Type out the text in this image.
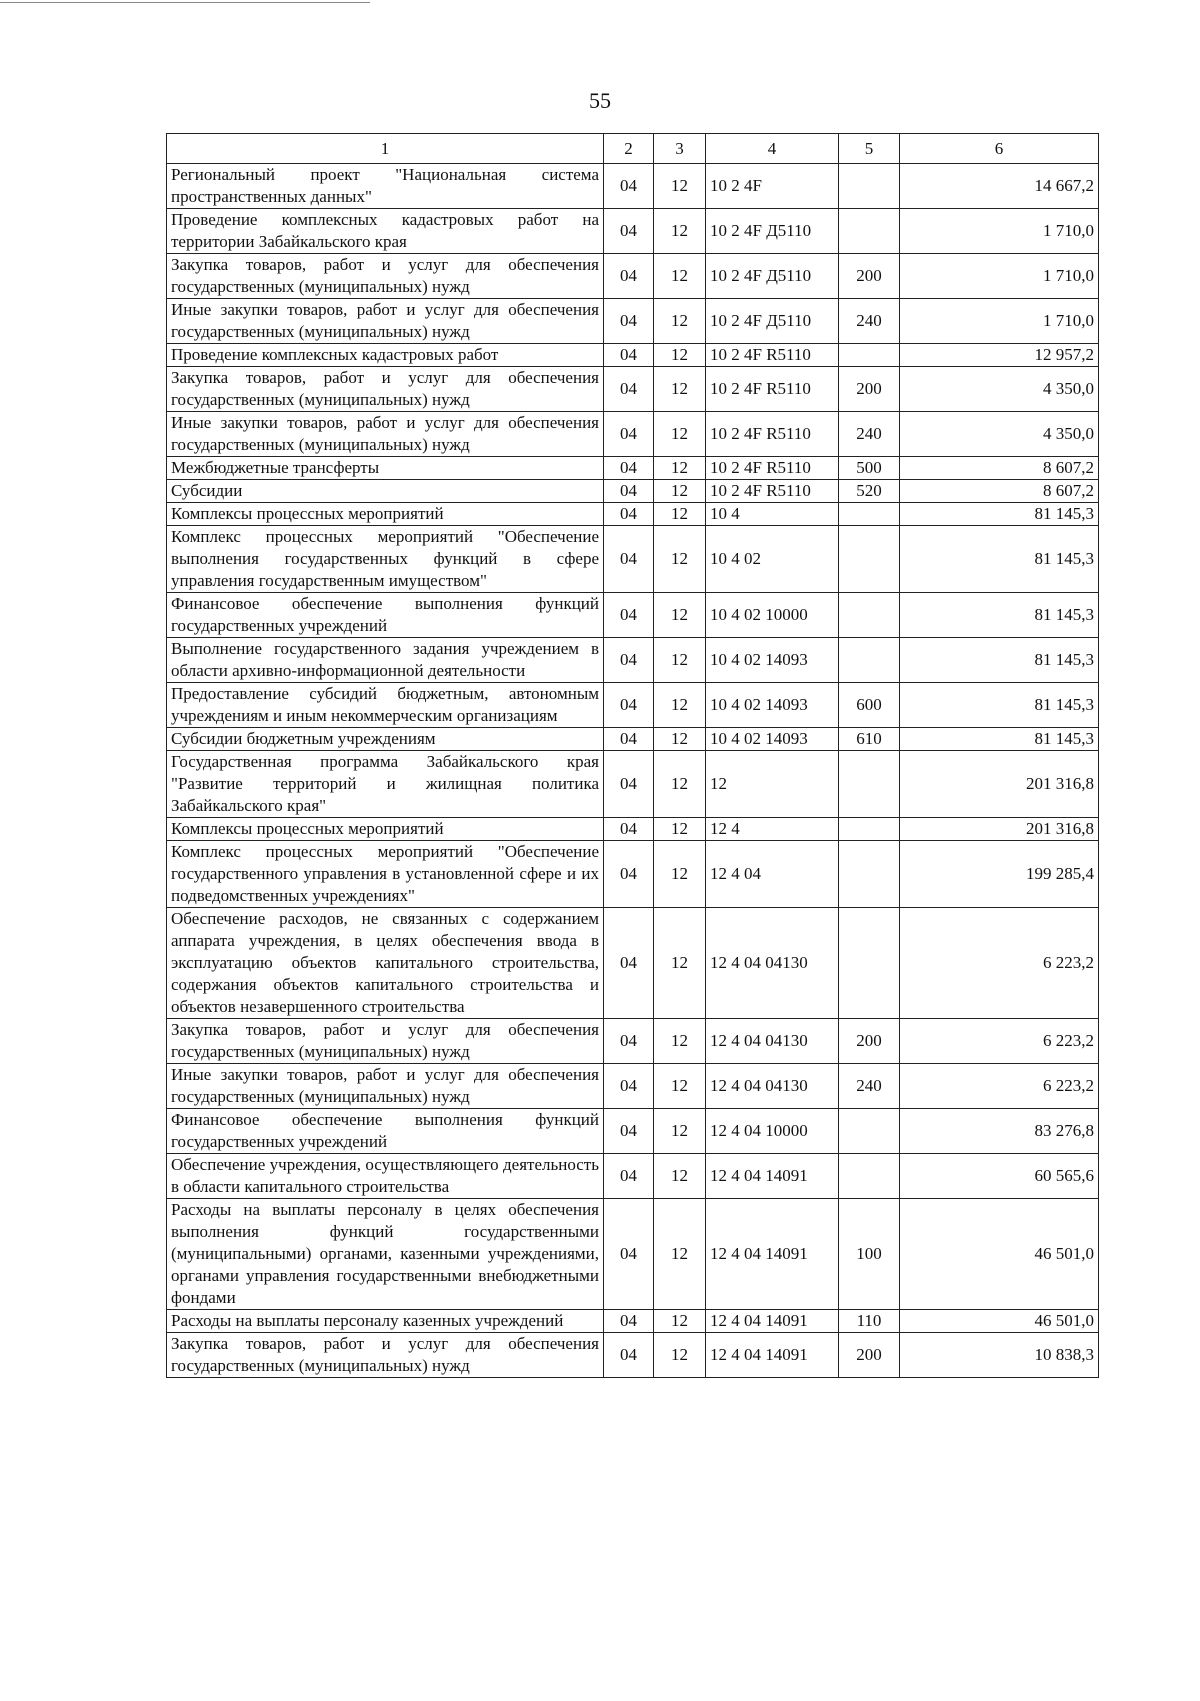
55
1	2	3	4	5	6
Региональный проект "Национальная система пространственных данных"	04	12	10 2 4F		14 667,2
Проведение комплексных кадастровых работ на территории Забайкальского края	04	12	10 2 4F Д5110		1 710,0
Закупка товаров, работ и услуг для обеспечения государственных (муниципальных) нужд	04	12	10 2 4F Д5110	200	1 710,0
Иные закупки товаров, работ и услуг для обеспечения государственных (муниципальных) нужд	04	12	10 2 4F Д5110	240	1 710,0
Проведение комплексных кадастровых работ	04	12	10 2 4F R5110		12 957,2
Закупка товаров, работ и услуг для обеспечения государственных (муниципальных) нужд	04	12	10 2 4F R5110	200	4 350,0
Иные закупки товаров, работ и услуг для обеспечения государственных (муниципальных) нужд	04	12	10 2 4F R5110	240	4 350,0
Межбюджетные трансферты	04	12	10 2 4F R5110	500	8 607,2
Субсидии	04	12	10 2 4F R5110	520	8 607,2
Комплексы процессных мероприятий	04	12	10 4		81 145,3
Комплекс процессных мероприятий "Обеспечение выполнения государственных функций в сфере управления государственным имуществом"	04	12	10 4 02		81 145,3
Финансовое обеспечение выполнения функций государственных учреждений	04	12	10 4 02 10000		81 145,3
Выполнение государственного задания учреждением в области архивно-информационной деятельности	04	12	10 4 02 14093		81 145,3
Предоставление субсидий бюджетным, автономным учреждениям и иным некоммерческим организациям	04	12	10 4 02 14093	600	81 145,3
Субсидии бюджетным учреждениям	04	12	10 4 02 14093	610	81 145,3
Государственная программа Забайкальского края "Развитие территорий и жилищная политика Забайкальского края"	04	12	12		201 316,8
Комплексы процессных мероприятий	04	12	12 4		201 316,8
Комплекс процессных мероприятий "Обеспечение государственного управления в установленной сфере и их подведомственных учреждениях"	04	12	12 4 04		199 285,4
Обеспечение расходов, не связанных с содержанием аппарата учреждения, в целях обеспечения ввода в эксплуатацию объектов капитального строительства, содержания объектов капитального строительства и объектов незавершенного строительства	04	12	12 4 04 04130		6 223,2
Закупка товаров, работ и услуг для обеспечения государственных (муниципальных) нужд	04	12	12 4 04 04130	200	6 223,2
Иные закупки товаров, работ и услуг для обеспечения государственных (муниципальных) нужд	04	12	12 4 04 04130	240	6 223,2
Финансовое обеспечение выполнения функций государственных учреждений	04	12	12 4 04 10000		83 276,8
Обеспечение учреждения, осуществляющего деятельность в области капитального строительства	04	12	12 4 04 14091		60 565,6
Расходы на выплаты персоналу в целях обеспечения выполнения функций государственными (муниципальными) органами, казенными учреждениями, органами управления государственными внебюджетными фондами	04	12	12 4 04 14091	100	46 501,0
Расходы на выплаты персоналу казенных учреждений	04	12	12 4 04 14091	110	46 501,0
Закупка товаров, работ и услуг для обеспечения государственных (муниципальных) нужд	04	12	12 4 04 14091	200	10 838,3
